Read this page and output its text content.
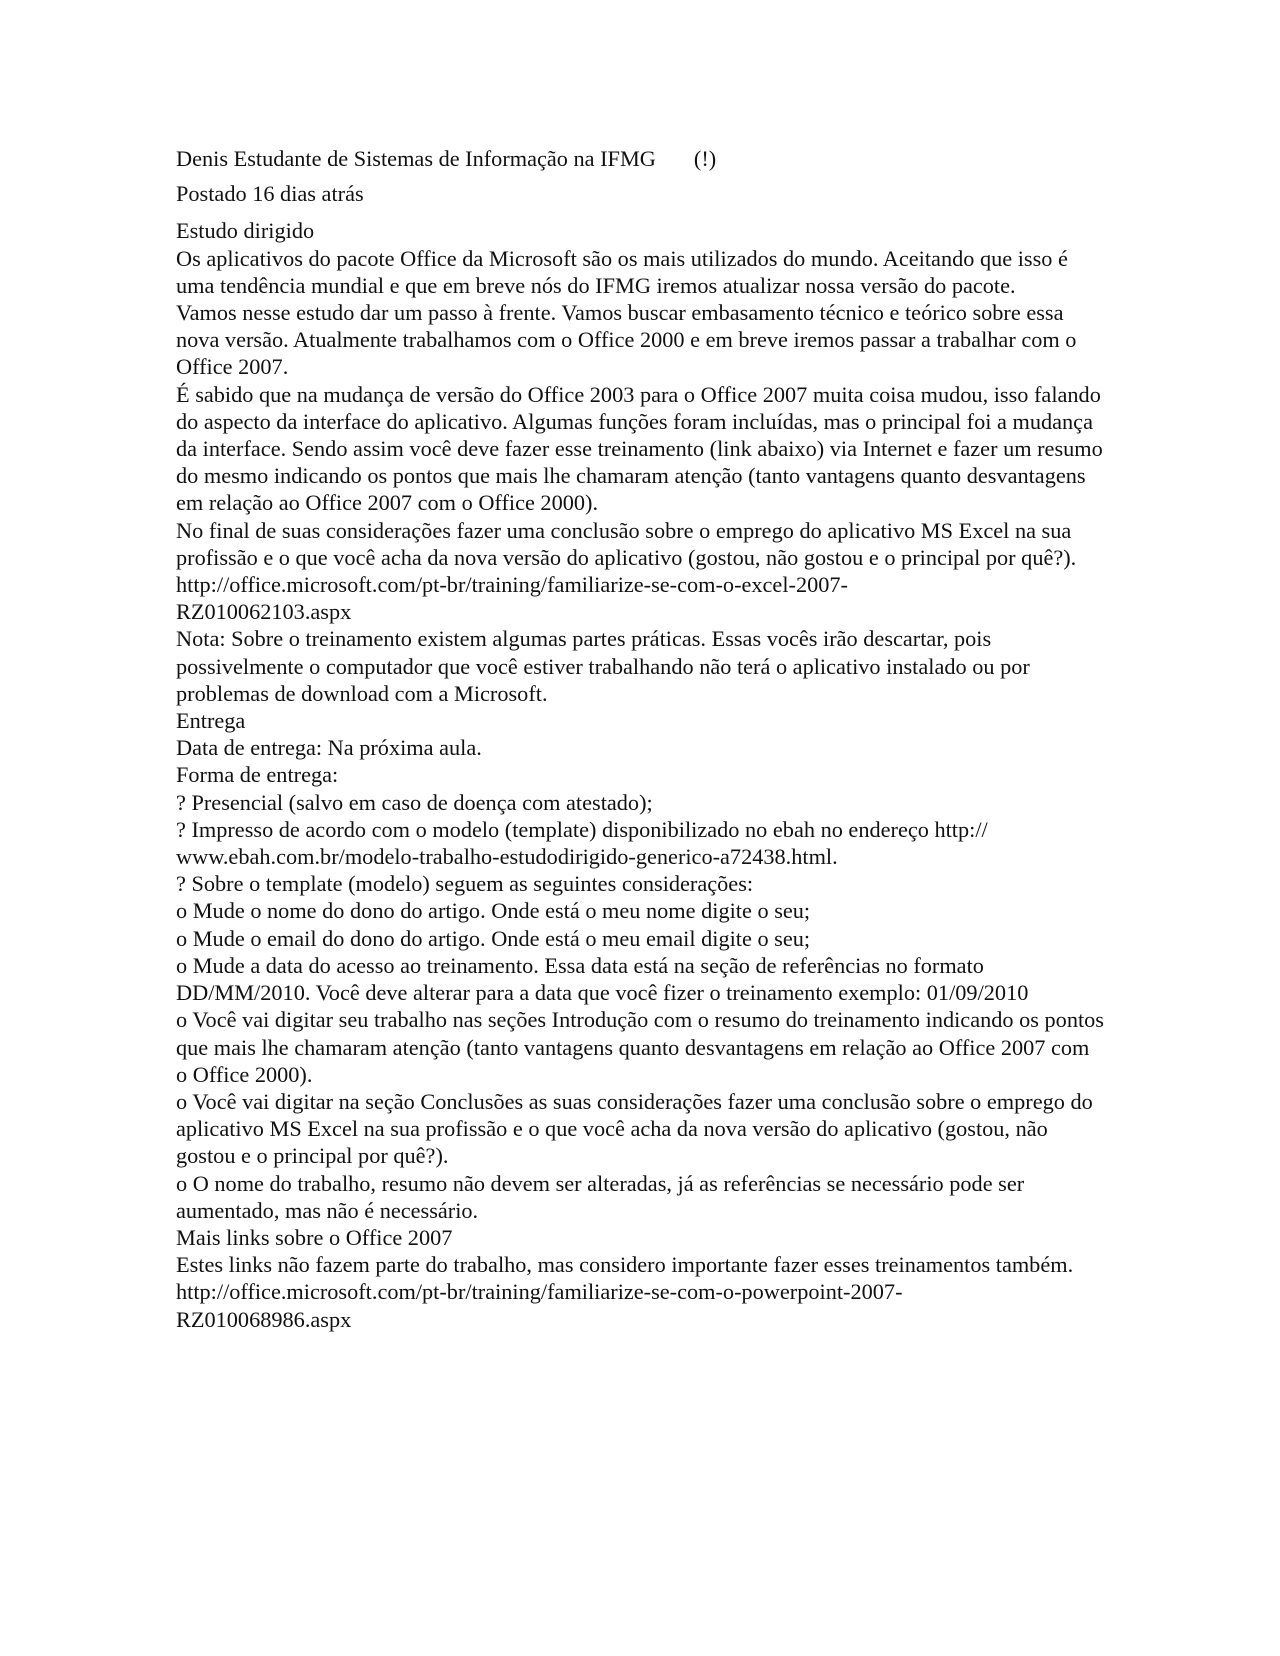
Denis Estudante de Sistemas de Informação na IFMG (!)
Postado 16 dias atrás
Estudo dirigido
Os aplicativos do pacote Office da Microsoft são os mais utilizados do mundo. Aceitando que isso é uma tendência mundial e que em breve nós do IFMG iremos atualizar nossa versão do pacote.
Vamos nesse estudo dar um passo à frente. Vamos buscar embasamento técnico e teórico sobre essa nova versão. Atualmente trabalhamos com o Office 2000 e em breve iremos passar a trabalhar com o Office 2007.
É sabido que na mudança de versão do Office 2003 para o Office 2007 muita coisa mudou, isso falando do aspecto da interface do aplicativo. Algumas funções foram incluídas, mas o principal foi a mudança da interface. Sendo assim você deve fazer esse treinamento (link abaixo) via Internet e fazer um resumo do mesmo indicando os pontos que mais lhe chamaram atenção (tanto vantagens quanto desvantagens em relação ao Office 2007 com o Office 2000).
No final de suas considerações fazer uma conclusão sobre o emprego do aplicativo MS Excel na sua profissão e o que você acha da nova versão do aplicativo (gostou, não gostou e o principal por quê?).
http://office.microsoft.com/pt-br/training/familiarize-se-com-o-excel-2007-
RZ010062103.aspx
Nota: Sobre o treinamento existem algumas partes práticas. Essas vocês irão descartar, pois possivelmente o computador que você estiver trabalhando não terá o aplicativo instalado ou por problemas de download com a Microsoft.
Entrega
Data de entrega: Na próxima aula.
Forma de entrega:
? Presencial (salvo em caso de doença com atestado);
? Impresso de acordo com o modelo (template) disponibilizado no ebah no endereço http://
www.ebah.com.br/modelo-trabalho-estudodirigido-generico-a72438.html.
? Sobre o template (modelo) seguem as seguintes considerações:
o Mude o nome do dono do artigo. Onde está o meu nome digite o seu;
o Mude o email do dono do artigo. Onde está o meu email digite o seu;
o Mude a data do acesso ao treinamento. Essa data está na seção de referências no formato DD/MM/2010. Você deve alterar para a data que você fizer o treinamento exemplo: 01/09/2010
o Você vai digitar seu trabalho nas seções Introdução com o resumo do treinamento indicando os pontos que mais lhe chamaram atenção (tanto vantagens quanto desvantagens em relação ao Office 2007 com o Office 2000).
o Você vai digitar na seção Conclusões as suas considerações fazer uma conclusão sobre o emprego do aplicativo MS Excel na sua profissão e o que você acha da nova versão do aplicativo (gostou, não gostou e o principal por quê?).
o O nome do trabalho, resumo não devem ser alteradas, já as referências se necessário pode ser aumentado, mas não é necessário.
Mais links sobre o Office 2007
Estes links não fazem parte do trabalho, mas considero importante fazer esses treinamentos também.
http://office.microsoft.com/pt-br/training/familiarize-se-com-o-powerpoint-2007-
RZ010068986.aspx
